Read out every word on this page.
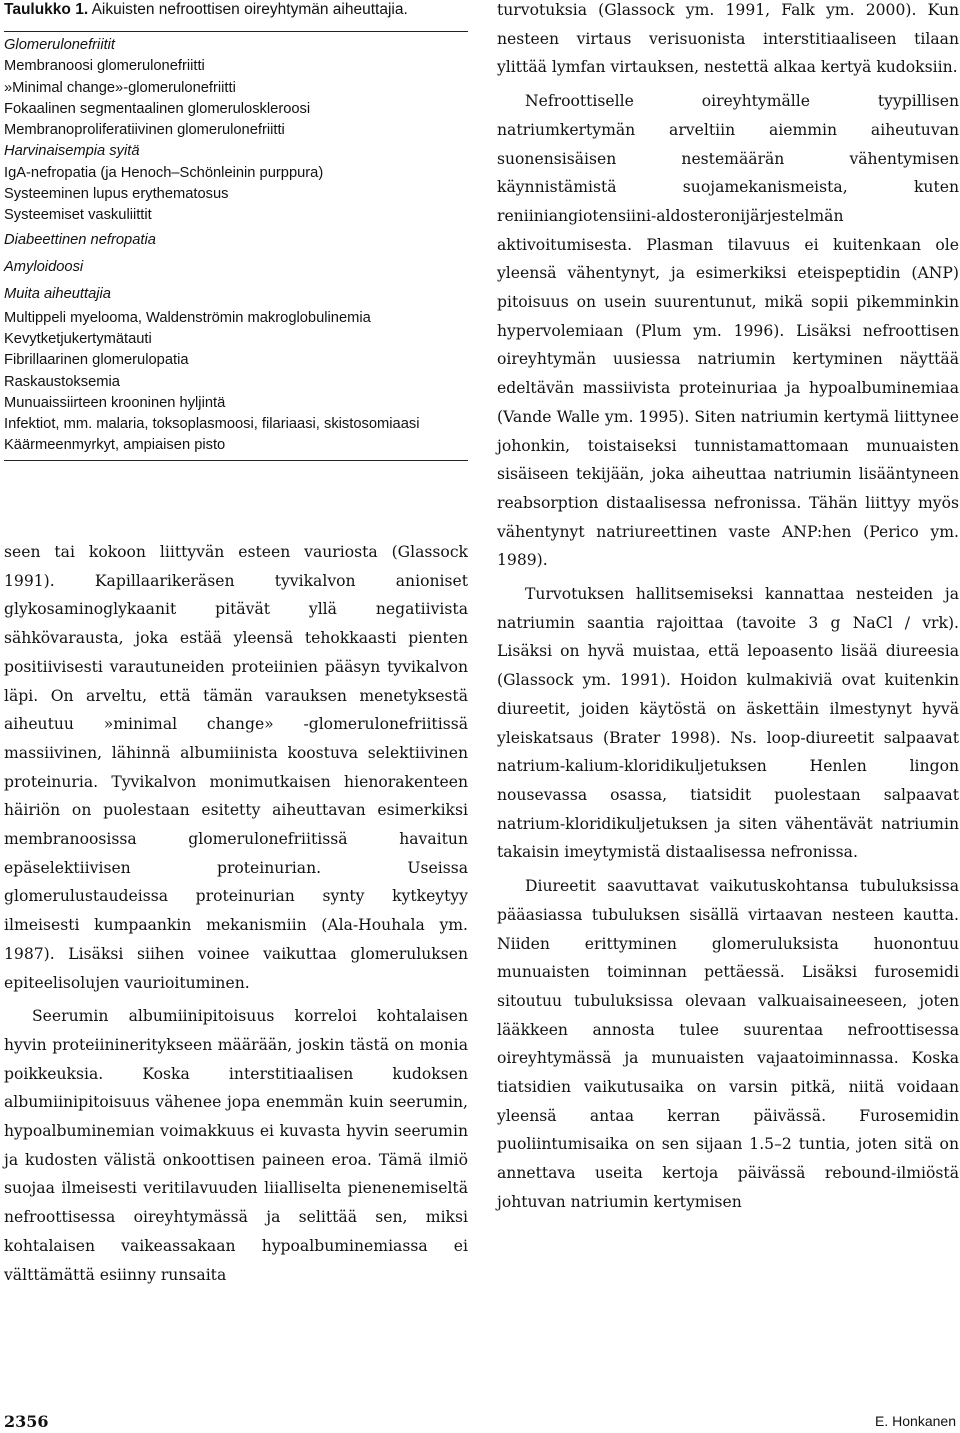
Taulukko 1. Aikuisten nefroottisen oireyhtymän aiheuttajia.
Glomerulonefriitit
Membranoosi glomerulonefriitti
»Minimal change»-glomerulonefriitti
Fokaalinen segmentaalinen glomeruloskleroosi
Membranoproliferatiivinen glomerulonefriitti
Harvinaisempia syitä
IgA-nefropatia (ja Henoch–Schönleinin purppura)
Systeeminen lupus erythematosus
Systeemiset vaskuliittit
Diabeettinen nefropatia
Amyloidoosi
Muita aiheuttajia
Multippeli myelooma, Waldenströmin makroglobulinemia
Kevytketjukertymätauti
Fibrillaarinen glomerulopatia
Raskaustoksemia
Munuaissiirteen krooninen hyljintä
Infektiot, mm. malaria, toksoplasmoosi, filariaasi, skistosomiaasi
Käärmeenmyrkyt, ampiaisen pisto

seen tai kokoon liittyvän esteen vauriosta (Glassock 1991). Kapillaarikeräsen tyvikalvon anioniset glykosaminoglykaanit pitävät yllä negatiivista sähkövarausta, joka estää yleensä tehokkaasti pienten positiivisesti varautuneiden proteiinien pääsyn tyvikalvon läpi. On arveltu, että tämän varauksen menetyksestä aiheutuu »minimal change» -glomerulonefriitissä massiivinen, lähinnä albumiinista koostuva selektiivinen proteinuria. Tyvikalvon monimutkaisen hienorakenteen häiriön on puolestaan esitetty aiheuttavan esimerkiksi membranoosissa glomerulonefriitissä havaitun epäselektiivisen proteinurian. Useissa glomerulustaudeissa proteinurian synty kytkeytyy ilmeisesti kumpaankin mekanismiin (Ala-Houhala ym. 1987). Lisäksi siihen voinee vaikuttaa glomeruluksen epiteelisolujen vaurioituminen.

Seerumin albumiinipitoisuus korreloi kohtalaisen hyvin proteiinineritykseen määrään, joskin tästä on monia poikkeuksia. Koska interstitiaalisen kudoksen albumiinipitoisuus vähenee jopa enemmän kuin seerumin, hypoalbuminemian voimakkuus ei kuvasta hyvin seerumin ja kudosten välistä onkoottisen paineen eroa. Tämä ilmiö suojaa ilmeisesti veritilavuuden liialliselta pienenemiseltä nefroottisessa oireyhtymässä ja selittää sen, miksi kohtalaisen vaikeassakaan hypoalbuminemiassa ei välttämättä esiinny runsaita

turvotuksia (Glassock ym. 1991, Falk ym. 2000). Kun nesteen virtaus verisuonista interstitiaaliseen tilaan ylittää lymfan virtauksen, nestettä alkaa kertyä kudoksiin.

Nefroottiselle oireyhtymälle tyypillisen natriumkertymän arveltiin aiemmin aiheutuvan suonensisäisen nestemäärän vähentymisen käynnistämistä suojamekanismeista, kuten reniiniangiotensiini-aldosteronijärjestelmän aktivoitumisesta. Plasman tilavuus ei kuitenkaan ole yleensä vähentynyt, ja esimerkiksi eteispeptidin (ANP) pitoisuus on usein suurentunut, mikä sopii pikemminkin hypervolemiaan (Plum ym. 1996). Lisäksi nefroottisen oireyhtymän uusiessa natriumin kertyminen näyttää edeltävän massiivista proteinuriaa ja hypoalbuminemiaa (Vande Walle ym. 1995). Siten natriumin kertymä liittynee johonkin, toistaiseksi tunnistamattomaan munuaisten sisäiseen tekijään, joka aiheuttaa natriumin lisääntyneen reabsorption distaalisessa nefronissa. Tähän liittyy myös vähentynyt natriureettinen vaste ANP:hen (Perico ym. 1989).

Turvotuksen hallitsemiseksi kannattaa nesteiden ja natriumin saantia rajoittaa (tavoite 3 g NaCl / vrk). Lisäksi on hyvä muistaa, että lepoasento lisää diureesia (Glassock ym. 1991). Hoidon kulmakiviä ovat kuitenkin diureetit, joiden käytöstä on äskettäin ilmestynyt hyvä yleiskatsaus (Brater 1998). Ns. loop-diureetit salpaavat natrium-kalium-kloridikuljetuksen Henlen lingon nousevassa osassa, tiatsidit puolestaan salpaavat natrium-kloridikuljetuksen ja siten vähentävät natriumin takaisin imeytymistä distaalisessa nefronissa.

Diureetit saavuttavat vaikutuskohtansa tubuluksissa pääasiassa tubuluksen sisällä virtaavan nesteen kautta. Niiden erittyminen glomeruluksista huonontuu munuaisten toiminnan pettäessä. Lisäksi furosemidi sitoutuu tubuluksissa olevaan valkuaisaineeseen, joten lääkkeen annosta tulee suurentaa nefroottisessa oireyhtymässä ja munuaisten vajaatoiminnassa. Koska tiatsidien vaikutusaika on varsin pitkä, niitä voidaan yleensä antaa kerran päivässä. Furosemidin puoliintumisaika on sen sijaan 1.5–2 tuntia, joten sitä on annettava useita kertoja päivässä rebound-ilmiöstä johtuvan natriumin kertymisen

2356	E. Honkanen
